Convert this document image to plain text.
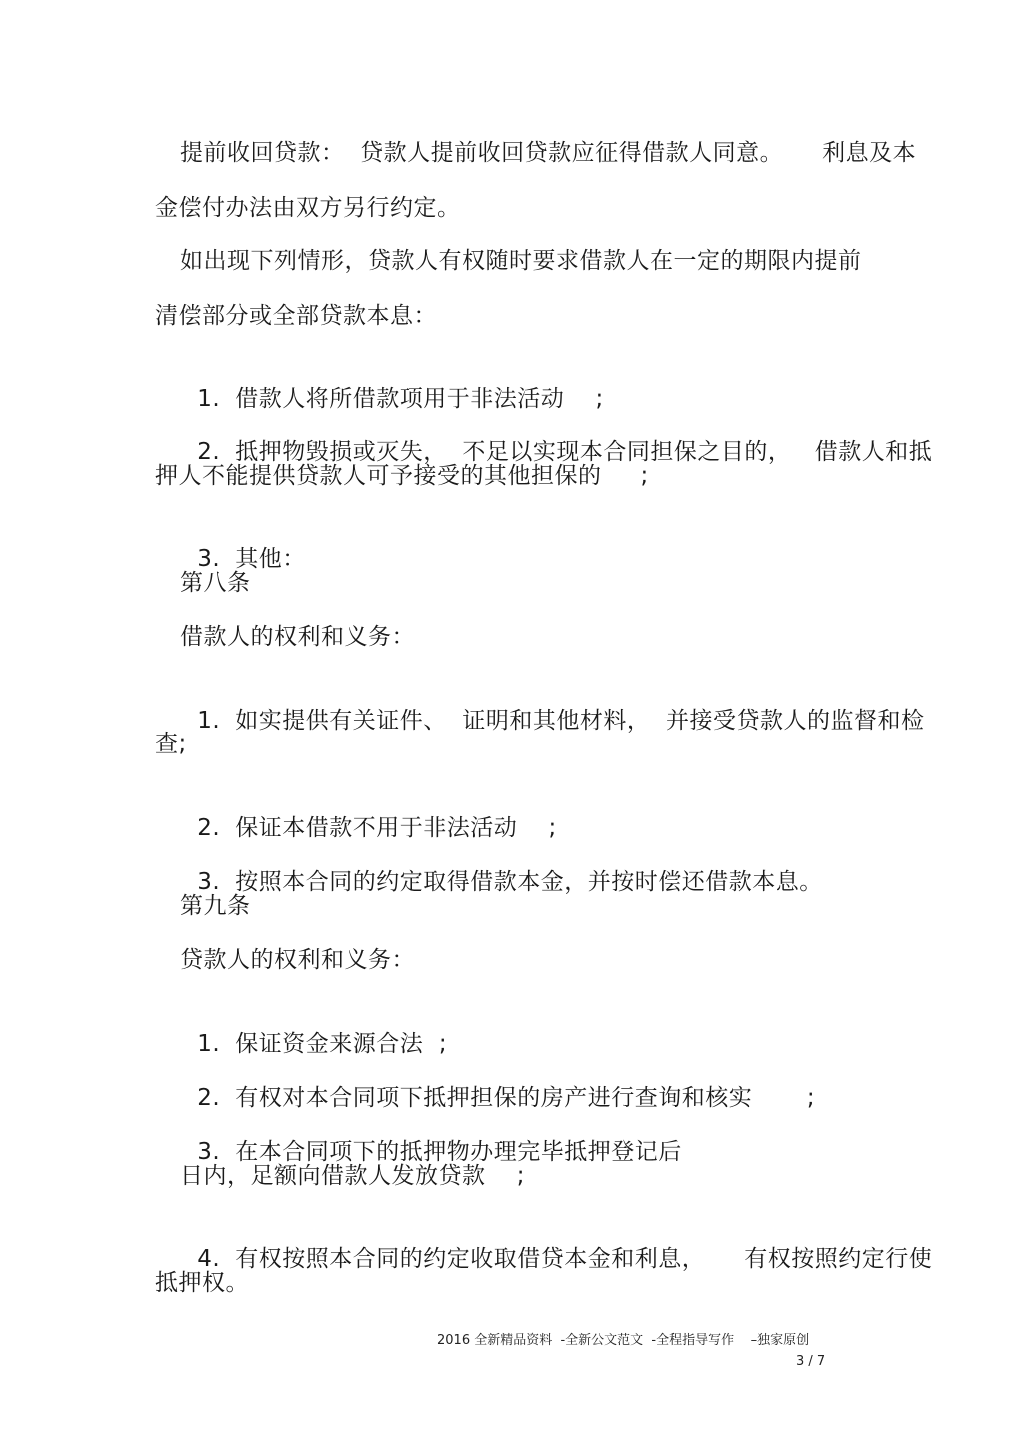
提前收回贷款：  贷款人提前收回贷款应征得借款人同意。     利息及本
金偿付办法由双方另行约定。
如出现下列情形，贷款人有权随时要求借款人在一定的期限内提前
清偿部分或全部贷款本息：

1. 借款人将所借款项用于非法活动    ;

2. 抵押物毁损或灭失，  不足以实现本合同担保之目的，   借款人和抵

押人不能提供贷款人可予接受的其他担保的     ;

3. 其他：

第八条
借款人的权利和义务：

1. 如实提供有关证件、  证明和其他材料，  并接受贷款人的监督和检

查;

2. 保证本借款不用于非法活动    ;

3. 按照本合同的约定取得借款本金，并按时偿还借款本息。

第九条
贷款人的权利和义务：

1. 保证资金来源合法  ;

2. 有权对本合同项下抵押担保的房产进行查询和核实       ;

3. 在本合同项下的抵押物办理完毕抵押登记后

日内，足额向借款人发放贷款    ;

4. 有权按照本合同的约定收取借贷本金和利息，     有权按照约定行使

抵押权。
2016 全新精品资料  -全新公文范文  -全程指导写作    –独家原创
3 / 7
